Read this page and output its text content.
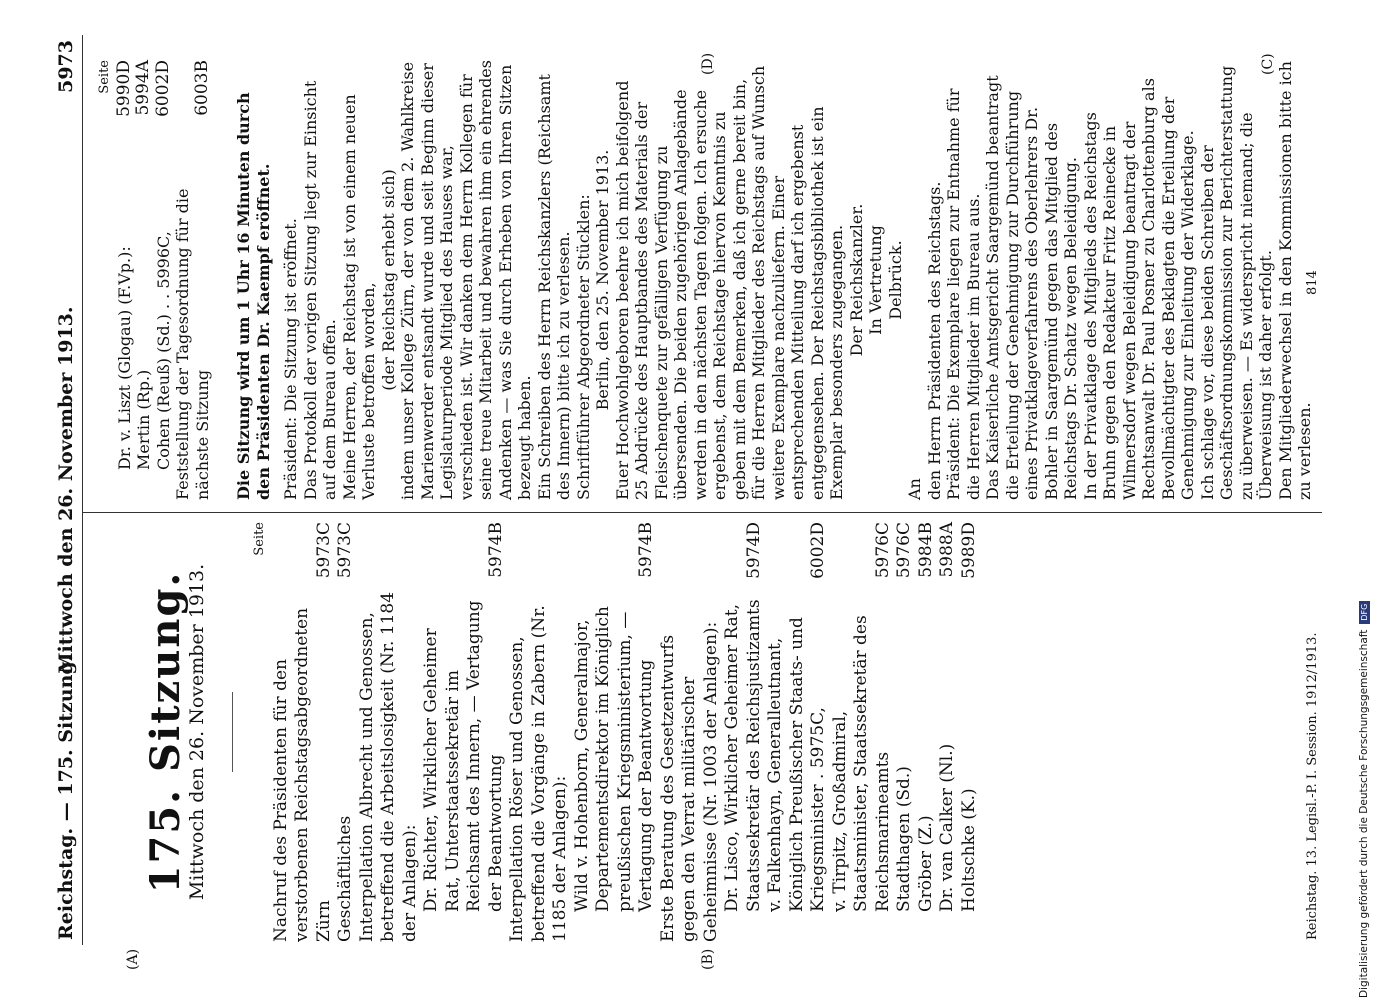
Reichstag. — 175. Sitzung.
Mittwoch den 26. November 1913.
5973
(A)	(B)
(C)
(D)
175. Sitzung.
Mittwoch den 26. November 1913.
Seite
Nachruf des Präsidenten für den verstorbenen Reichstagsabgeordneten Zürn
5973C
Geschäftliches
5973C
Interpellation Albrecht und Genossen, betreffend die Arbeitslosigkeit (Nr. 1184 der Anlagen): Dr. Richter, Wirklicher Geheimer Rat, Unterstaatssekretär im Reichsamt des Innern, — Vertagung der Beantwortung
5974B
Interpellation Röser und Genossen, betreffend die Vorgänge in Zabern (Nr. 1185 der Anlagen): Wild v. Hohenborn, Generalmajor, Departementsdirektor im Königlich preußischen Kriegsministerium, — Vertagung der Beantwortung
5974B
Erste Beratung des Gesetzentwurfs gegen den Verrat militärischer Geheimnisse (Nr. 1003 der Anlagen): Dr. Lisco, Wirklicher Geheimer Rat, Staatssekretär des Reichsjustizamts
5974D
v. Falkenhayn, Generalleutnant, Königlich Preußischer Staats- und Kriegsminister . 5975C,
6002D
v. Tirpitz, Großadmiral, Staatsminister, Staatssekretär des Reichsmarineamts
5976C
Stadthagen (Sd.)
5976C
Gröber (Z.)
5984B
Dr. van Calker (Nl.)
5988A
Holtschke (K.)
5989D
Reichstag. 13. Legisl.-P. I. Session. 1912/1913.
Seite
Dr. v. Liszt (Glogau) (F.Vp.):
5990D
Mertin (Rp.)
5994A
Cohen (Reuß) (Sd.) . . 5996C,
6002D
Feststellung der Tagesordnung für die nächste Sitzung
6003B

Die Sitzung wird um 1 Uhr 16 Minuten durch den Präsidenten Dr. Kaempf eröffnet. Präsident: Die Sitzung ist eröffnet. Das Protokoll der vorigen Sitzung liegt zur Einsicht auf dem Bureau offen. Meine Herren, der Reichstag ist von einem neuen Verluste betroffen worden,

(der Reichstag erhebt sich) indem unser Kollege Zürn, der von dem 2. Wahlkreise Marienwerder entsandt wurde und seit Beginn dieser Legislaturperiode Mitglied des Hauses war, verschieden ist. Wir danken dem Herrn Kollegen für seine treue Mitarbeit und bewahren ihm ein ehrendes Andenken — was Sie durch Erheben von Ihren Sitzen bezeugt haben. Ein Schreiben des Herrn Reichskanzlers (Reichsamt des Innern) bitte ich zu verlesen. Schriftführer Abgeordneter Stücklen: Berlin, den 25. November 1913. Euer Hochwohlgeboren beehre ich mich beifolgend 25 Abdrücke des Hauptbandes des Materials der Fleischenquete zur gefälligen Verfügung zu übersenden. Die beiden zugehörigen Anlagebände werden in den nächsten Tagen folgen. Ich ersuche ergebenst, dem Reichstage hiervon Kenntnis zu geben mit dem Bemerken, daß ich gerne bereit bin, für die Herren Mitglieder des Reichstags auf Wunsch weitere Exemplare nachzuliefern. Einer entsprechenden Mitteilung darf ich ergebenst entgegensehen. Der Reichstagsbibliothek ist ein Exemplar besonders zugegangen. Der Reichskanzler. In Vertretung Delbrück.

An den Herrn Präsidenten des Reichstags. Präsident: Die Exemplare liegen zur Entnahme für die Herren Mitglieder im Bureau aus. Das Kaiserliche Amtsgericht Saargemünd beantragt die Erteilung der Genehmigung zur Durchführung eines Privatklageverfahrens des Oberlehrers Dr. Bohler in Saargemünd gegen das Mitglied des Reichstags Dr. Schatz wegen Beleidigung. In der Privatklage des Mitglieds des Reichstags Bruhn gegen den Redakteur Fritz Reinecke in Wilmersdorf wegen Beleidigung beantragt der Rechtsanwalt Dr. Paul Posner zu Charlottenburg als Bevollmächtigter des Beklagten die Erteilung der Genehmigung zur Einleitung der Widerklage. Ich schlage vor, diese beiden Schreiben der Geschäftsordnungskommission zur Berichterstattung zu überweisen. — Es widerspricht niemand; die Überweisung ist daher erfolgt. Den Mitgliederwechsel in den Kommissionen bitte ich zu verlesen.

814
Digitalisierung gefördert durch die Deutsche ForschungsgemeinschaftDFG
